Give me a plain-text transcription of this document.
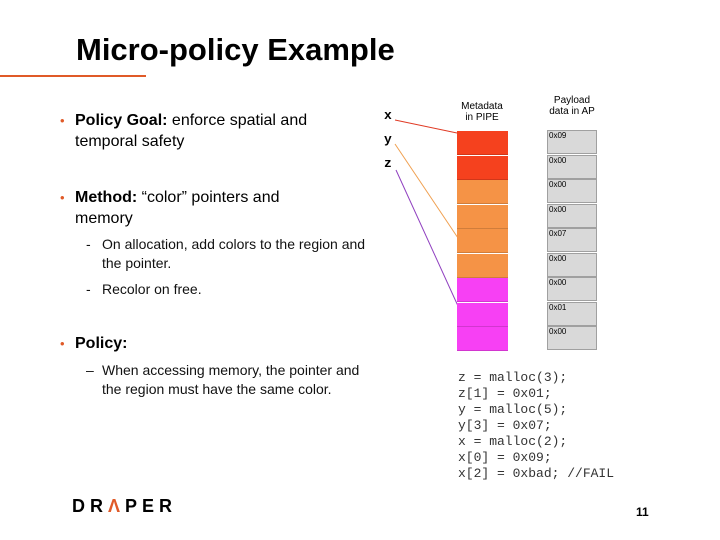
Micro-policy Example
• Policy Goal: enforce spatial and temporal safety
• Method: “color” pointers and memory
- On allocation, add colors to the region and the pointer.
- Recolor on free.
• Policy:
– When accessing memory, the pointer and the region must have the same color.
x
y
z
Metadata in PIPE
Payload data in AP
0x09
0x00
0x00
0x00
0x07
0x00
0x00
0x01
0x00
z = malloc(3);
z[1] = 0x01;
y = malloc(5);
y[3] = 0x07;
x = malloc(2);
x[0] = 0x09;
x[2] = 0xbad; //FAIL
DRΛPER	11
